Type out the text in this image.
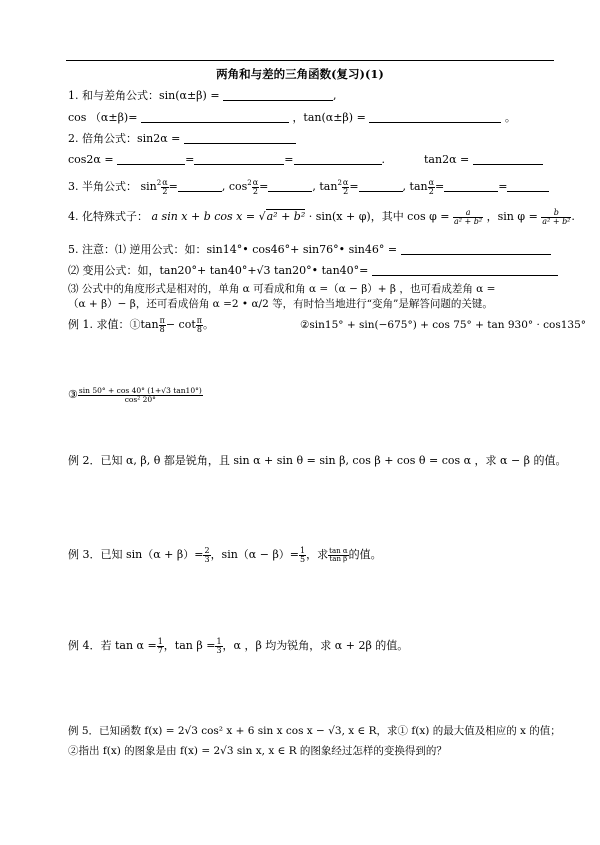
两角和与差的三角函数(复习)(1)
1. 和与差角公式：sin(α±β) =	,
cos （α±β)=	，tan(α±β) =	。
2. 倍角公式：sin2α =
cos2α =	=	=	.	tan2α =
3. 半角公式： $\sin^2 \frac{\alpha}{2}$ =	, $\cos^2 \frac{\alpha}{2}$ =	, $\tan^2 \frac{\alpha}{2}$ =	, $\tan \frac{\alpha}{2}$ =	=
4. 化特殊式子： a sin x + b cos x = √a² + b² · sin(x + φ)，其中 $\cos \varphi = \frac{a}{\text{a² + b²}}$ ，$\sin \varphi = \frac{b}{\text{a² + b²}}$ .
5. 注意：⑴ 逆用公式：如：sin14°• cos46°+ sin76°• sin46° =
⑵ 变用公式：如，tan20°+ tan40°+√3 tan20°• tan40°=
⑶ 公式中的角度形式是相对的，单角 α 可看成和角 α =（α − β）+ β ，也可看成差角 α =
（α + β）− β，还可看成倍角 α =2 • α/2 等，有时恰当地进行“变角”是解答问题的关键。
例 1. 求值：①tan $\frac{\pi}{8} - \cot \frac{\pi}{8}$ 。	②sin15° + sin(−675°) + cos 75° + tan 930° · cos135°
③ $\frac{\sin 50^\circ + \cos 40^\circ (1+√3 \tan 10^\circ)}{\text{cos² 20°}}$
例 2．已知 α, β, θ 都是锐角，且 sin α + sin θ = sin β, cos β + cos θ = cos α ，求 α − β 的值。
例 3．已知 $\sin(\alpha + \beta)= \frac{2}{3}$ ，$\sin(\alpha - \beta)= \frac{1}{5}$ ，求 $\frac{\text{tan α}}{\text{tan β}}$ 的值。
例 4．若 $\tan \alpha = \frac{1}{7}$ ，$\tan \beta = \frac{1}{3}$ ，α ，β 均为锐角，求 α + 2β 的值。
例 5．已知函数 f(x) = 2√3 cos² x + 6 sin x cos x − √3, x ∈ R，求① f(x) 的最大值及相应的 x 的值；
②指出 f(x) 的图象是由 f(x) = 2√3 sin x, x ∈ R 的图象经过怎样的变换得到的？
